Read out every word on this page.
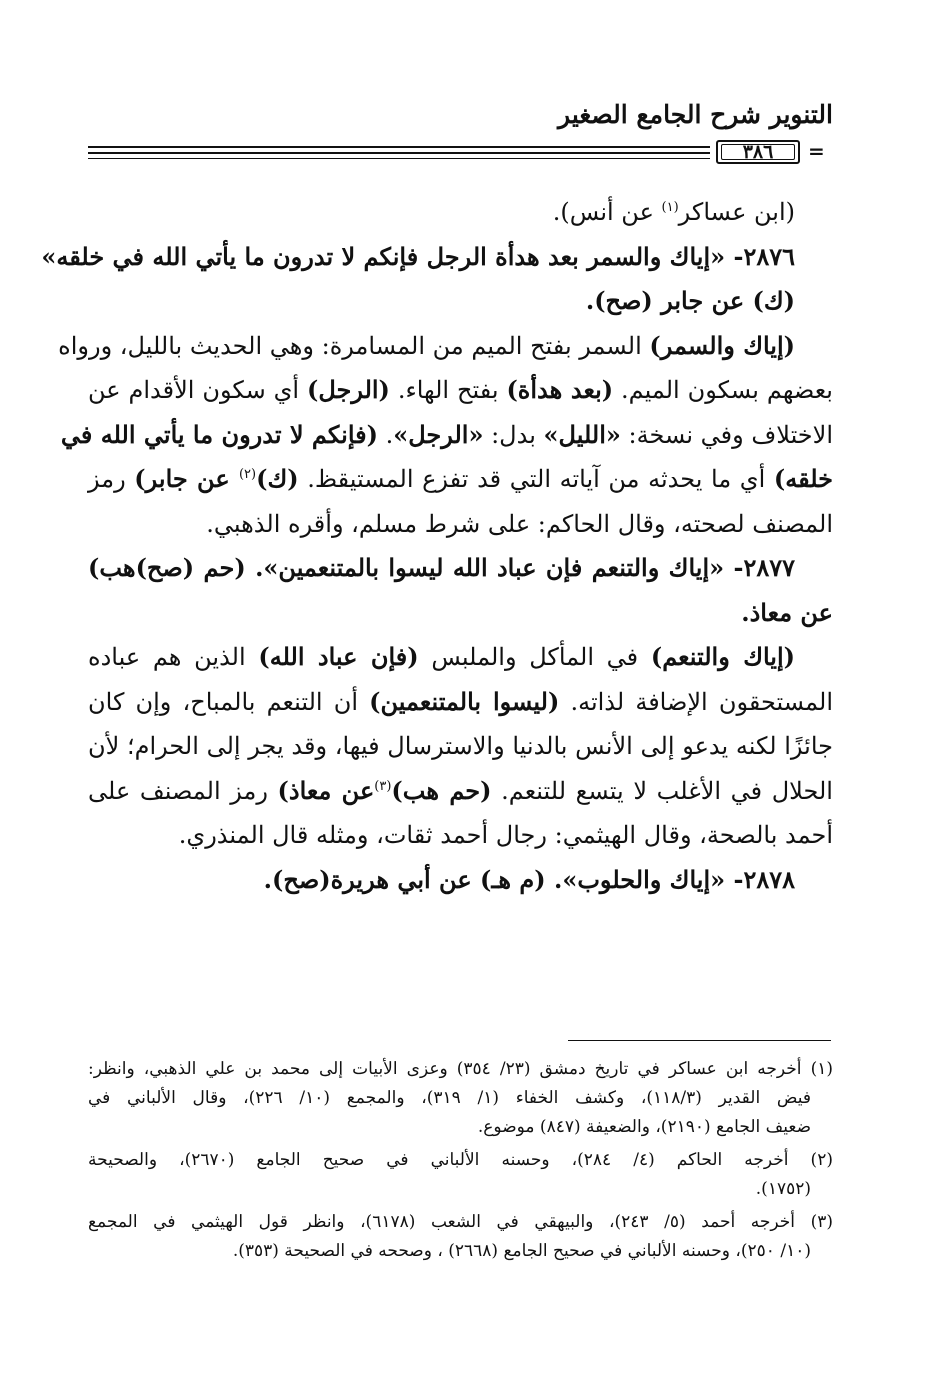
التنوير شرح الجامع الصغير
٣٨٦	=

(ابن عساكر$^{(١)}$ عن أنس).

٢٨٧٦- «إياك والسمر بعد هدأة الرجل فإنكم لا تدرون ما يأتي الله في خلقه»
(ك) عن جابر (صح).

(إياك والسمر) السمر بفتح الميم من المسامرة: وهي الحديث بالليل، ورواه

بعضهم بسكون الميم. (بعد هدأة) بفتح الهاء. (الرجل) أي سكون الأقدام عن
الاختلاف وفي نسخة: «الليل» بدل: «الرجل». (فإنكم لا تدرون ما يأتي الله في
خلقه) أي ما يحدثه من آياته التي قد تفزع المستيقظ. (ك)$^{(٢)}$ عن جابر) رمز
المصنف لصحته، وقال الحاكم: على شرط مسلم، وأقره الذهبي.

٢٨٧٧- «إياك والتنعم فإن عباد الله ليسوا بالمتنعمين». (حم (صح)هب)

عن معاذ.

(إياك والتنعم) في المأكل والملبس (فإن عباد الله) الذين هم عباده

المستحقون الإضافة لذاته. (ليسوا بالمتنعمين) أن التنعم بالمباح، وإن كان
جائزًا لكنه يدعو إلى الأنس بالدنيا والاسترسال فيها، وقد يجر إلى الحرام؛ لأن
الحلال في الأغلب لا يتسع للتنعم. (حم هب)$^{(٣)}$عن معاذ) رمز المصنف على
أحمد بالصحة، وقال الهيثمي: رجال أحمد ثقات، ومثله قال المنذري.

٢٨٧٨- «إياك والحلوب». (م هـ) عن أبي هريرة(صح).

(١) أخرجه ابن عساكر في تاريخ دمشق (٢٣/ ٣٥٤) وعزى الأبيات إلى محمد بن علي الذهبي، وانظر:
فيض القدير (١١٨/٣)، وكشف الخفاء (١/ ٣١٩)، والمجمع (١٠/ ٢٢٦)، وقال الألباني في
ضعيف الجامع (٢١٩٠)، والضعيفة (٨٤٧) موضوع.
(٢) أخرجه الحاكم (٤/ ٢٨٤)، وحسنه الألباني في صحيح الجامع (٢٦٧٠)، والصحيحة
(١٧٥٢).
(٣) أخرجه أحمد (٥/ ٢٤٣)، والبيهقي في الشعب (٦١٧٨)، وانظر قول الهيثمي في المجمع
(١٠/ ٢٥٠)، وحسنه الألباني في صحيح الجامع (٢٦٦٨) ، وصححه في الصحيحة (٣٥٣).
